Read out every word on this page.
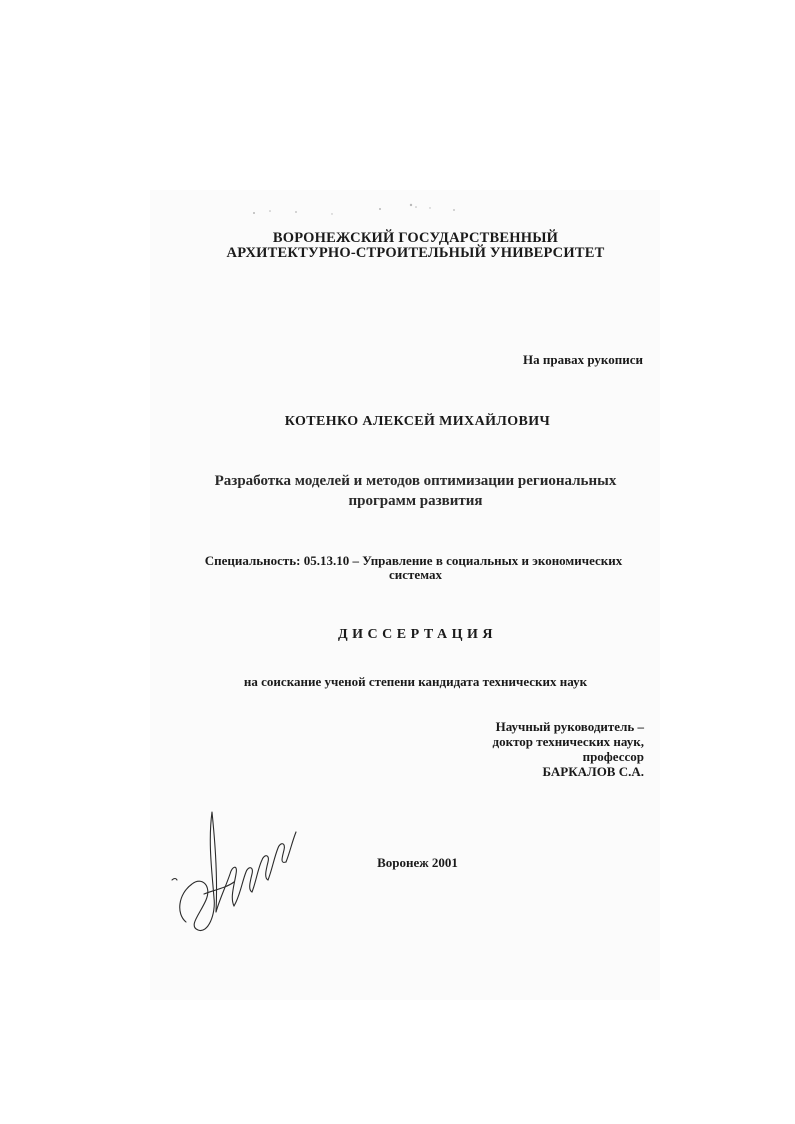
ВОРОНЕЖСКИЙ ГОСУДАРСТВЕННЫЙ
АРХИТЕКТУРНО-СТРОИТЕЛЬНЫЙ УНИВЕРСИТЕТ
На правах рукописи
КОТЕНКО АЛЕКСЕЙ МИХАЙЛОВИЧ
Разработка моделей и методов оптимизации региональных
программ развития
Специальность: 05.13.10 – Управление в социальных и экономических
системах
ДИССЕРТАЦИЯ
на соискание ученой степени кандидата технических наук
Научный руководитель –
доктор технических наук,
профессор
БАРКАЛОВ С.А.
Воронеж 2001
